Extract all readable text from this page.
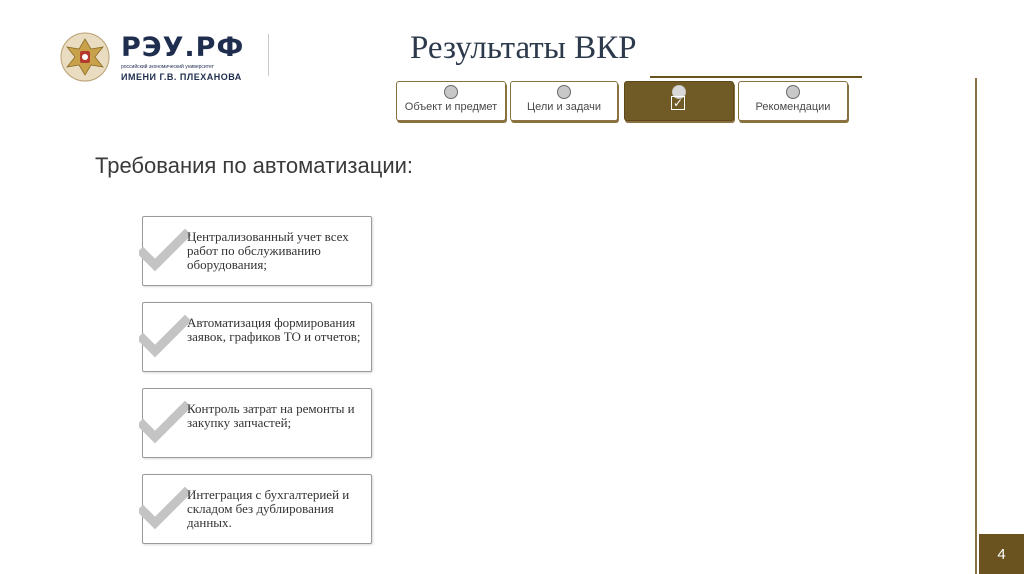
РЭУ.РФ
российский экономический университет
ИМЕНИ Г.В. ПЛЕХАНОВА
Результаты ВКР
Объект и предмет	Цели и задачи	✓	Рекомендации
Требования по автоматизации:
Централизованный учет всех работ по обслуживанию оборудования;
Автоматизация формирования заявок, графиков ТО и отчетов;
Контроль затрат на ремонты и закупку запчастей;
Интеграция с бухгалтерией и складом без дублирования данных.
4
